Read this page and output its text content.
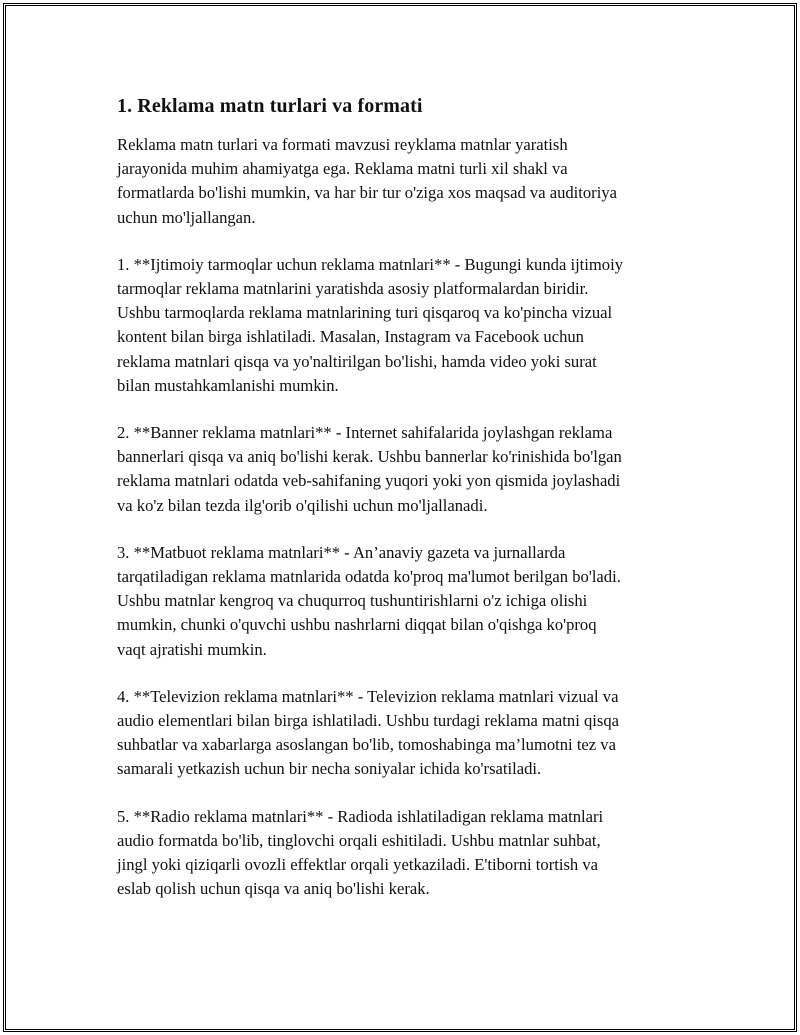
1. Reklama matn turlari va formati
Reklama matn turlari va formati mavzusi reyklama matnlar yaratish
jarayonida muhim ahamiyatga ega. Reklama matni turli xil shakl va
formatlarda bo'lishi mumkin, va har bir tur o'ziga xos maqsad va auditoriya
uchun mo'ljallangan.
1. **Ijtimoiy tarmoqlar uchun reklama matnlari** - Bugungi kunda ijtimoiy
tarmoqlar reklama matnlarini yaratishda asosiy platformalardan biridir.
Ushbu tarmoqlarda reklama matnlarining turi qisqaroq va ko'pincha vizual
kontent bilan birga ishlatiladi. Masalan, Instagram va Facebook uchun
reklama matnlari qisqa va yo'naltirilgan bo'lishi, hamda video yoki surat
bilan mustahkamlanishi mumkin.
2. **Banner reklama matnlari** - Internet sahifalarida joylashgan reklama
bannerlari qisqa va aniq bo'lishi kerak. Ushbu bannerlar ko'rinishida bo'lgan
reklama matnlari odatda veb-sahifaning yuqori yoki yon qismida joylashadi
va ko'z bilan tezda ilg'orib o'qilishi uchun mo'ljallanadi.
3. **Matbuot reklama matnlari** - An’anaviy gazeta va jurnallarda
tarqatiladigan reklama matnlarida odatda ko'proq ma'lumot berilgan bo'ladi.
Ushbu matnlar kengroq va chuqurroq tushuntirishlarni o'z ichiga olishi
mumkin, chunki o'quvchi ushbu nashrlarni diqqat bilan o'qishga ko'proq
vaqt ajratishi mumkin.
4. **Televizion reklama matnlari** - Televizion reklama matnlari vizual va
audio elementlari bilan birga ishlatiladi. Ushbu turdagi reklama matni qisqa
suhbatlar va xabarlarga asoslangan bo'lib, tomoshabinga ma’lumotni tez va
samarali yetkazish uchun bir necha soniyalar ichida ko'rsatiladi.
5. **Radio reklama matnlari** - Radioda ishlatiladigan reklama matnlari
audio formatda bo'lib, tinglovchi orqali eshitiladi. Ushbu matnlar suhbat,
jingl yoki qiziqarli ovozli effektlar orqali yetkaziladi. E'tiborni tortish va
eslab qolish uchun qisqa va aniq bo'lishi kerak.
